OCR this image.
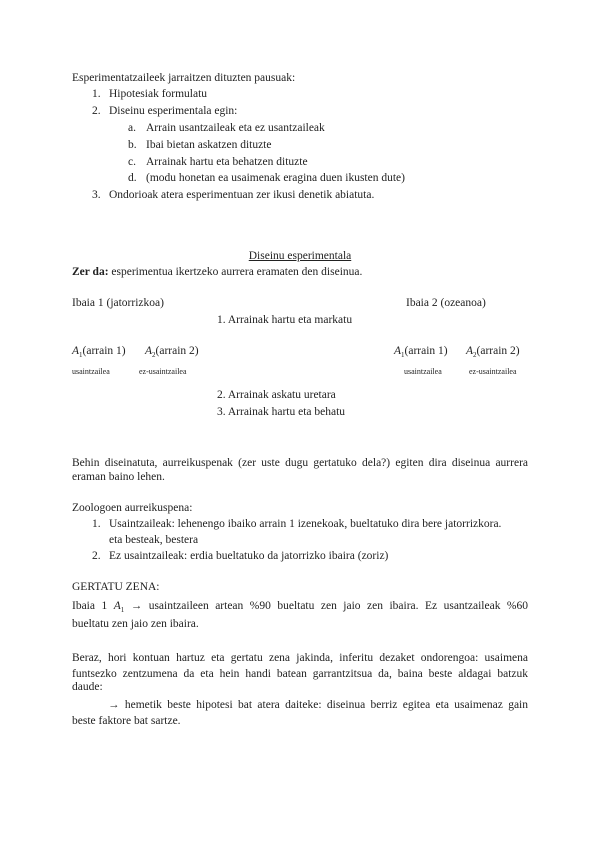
Esperimentatzaileek jarraitzen dituzten pausuak:
1. Hipotesiak formulatu
2. Diseinu esperimentala egin:
a. Arrain usantzaileak eta ez usantzaileak
b. Ibai bietan askatzen dituzte
c. Arrainak hartu eta behatzen dituzte
d. (modu honetan ea usaimenak eragina duen ikusten dute)
3. Ondorioak atera esperimentuan zer ikusi denetik abiatuta.
Diseinu esperimentala
Zer da: esperimentua ikertzeko aurrera eramaten den diseinua.
Ibaia 1 (jatorrizkoa)	Ibaia 2 (ozeanoa)
1. Arrainak hartu eta markatu
$A_1(arrain$ 1) $A_2(arrain$ 2)
usaintzailea	ez-usaintzailea
$A_1(arrain$ 1) $A_2(arrain$ 2)
usaintzailea	ez-usaintzailea
2. Arrainak askatu uretara
3. Arrainak hartu eta behatu
Behin diseinatuta, aurreikuspenak (zer uste dugu gertatuko dela?) egiten dira diseinua aurrera
eraman baino lehen.
Zoologoen aurreikuspena:
1. Usaintzaileak: lehenengo ibaiko arrain 1 izenekoak, bueltatuko dira bere jatorrizkora.
eta besteak, bestera
2. Ez usaintzaileak: erdia bueltatuko da jatorrizko ibaira (zoriz)
GERTATU ZENA:
Ibaia 1 $A_1$ → usaintzaileen artean %90 bueltatu zen jaio zen ibaira. Ez usantzaileak %60
bueltatu zen jaio zen ibaira.
Beraz, hori kontuan hartuz eta gertatu zena jakinda, inferitu dezaket ondorengoa: usaimena
funtsezko zentzumena da eta hein handi batean garrantzitsua da, baina beste aldagai batzuk
daude:
→ hemetik beste hipotesi bat atera daiteke: diseinua berriz egitea eta usaimenaz gain
beste faktore bat sartze.
